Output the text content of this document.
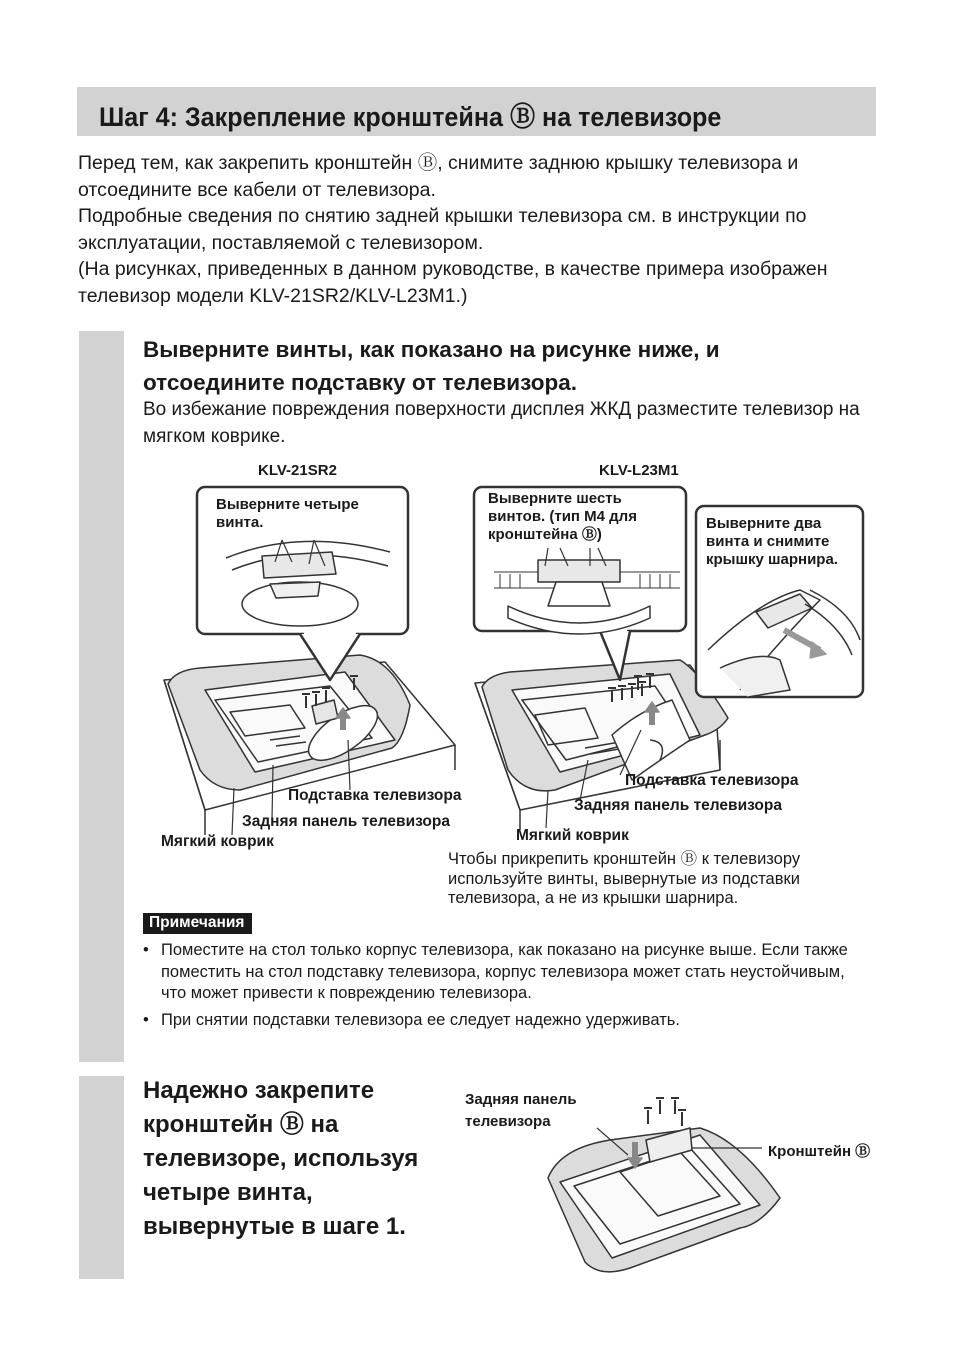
Шаг 4: Закрепление кронштейна Ⓑ на телевизоре

Перед тем, как закрепить кронштейн Ⓑ, снимите заднюю крышку телевизора и отсоедините все кабели от телевизора.

Подробные сведения по снятию задней крышки телевизора см. в инструкции по эксплуатации, поставляемой с телевизором.

(На рисунках, приведенных в данном руководстве, в качестве примера изображен телевизор модели KLV-21SR2/KLV-L23M1.)

Выверните винты, как показано на рисунке ниже, и отсоедините подставку от телевизора.
Во избежание повреждения поверхности дисплея ЖКД разместите телевизор на мягком коврике.
KLV-21SR2	KLV-L23M1
Выверните четыре винта.
Выверните шесть винтов. (тип M4 для кронштейна Ⓑ)
Выверните два винта и снимите крышку шарнира.
Подставка телевизора
Задняя панель телевизора
Мягкий коврик
Подставка телевизора
Задняя панель телевизора
Мягкий коврик
Чтобы прикрепить кронштейн Ⓑ к телевизору используйте винты, вывернутые из подставки телевизора, а не из крышки шарнира.
Примечания
• Поместите на стол только корпус телевизора, как показано на рисунке выше. Если также поместить на стол подставку телевизора, корпус телевизора может стать неустойчивым, что может привести к повреждению телевизора.
• При снятии подставки телевизора ее следует надежно удерживать.
Надежно закрепите кронштейн Ⓑ на телевизоре, используя четыре винта, вывернутые в шаге 1.
Задняя панель телевизора
Кронштейн Ⓑ
